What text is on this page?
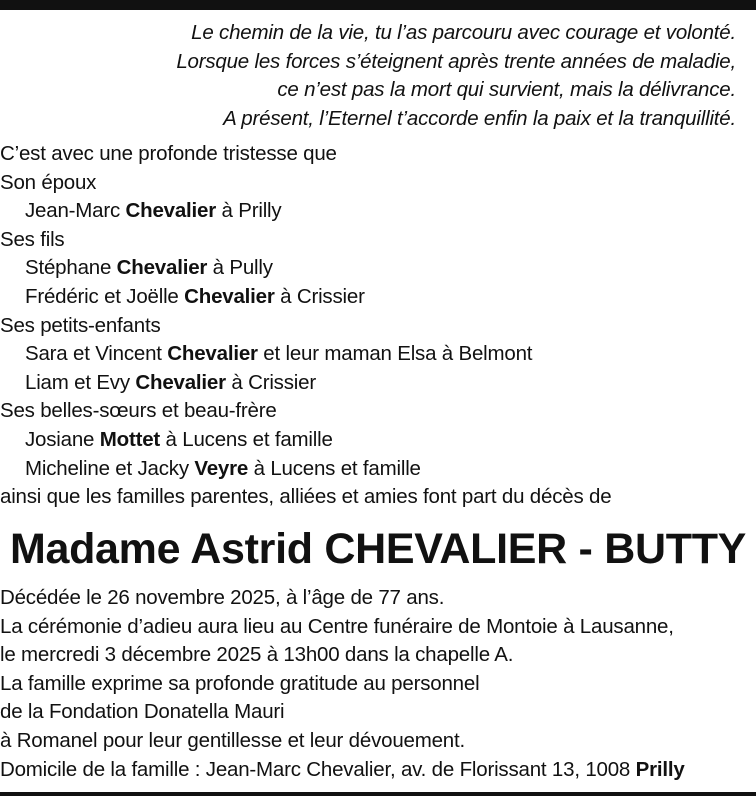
Le chemin de la vie, tu l’as parcouru avec courage et volonté.
Lorsque les forces s’éteignent après trente années de maladie,
ce n’est pas la mort qui survient, mais la délivrance.
A présent, l’Eternel t’accorde enfin la paix et la tranquillité.
C’est avec une profonde tristesse que
Son époux
Jean-Marc Chevalier à Prilly
Ses fils
Stéphane Chevalier à Pully
Frédéric et Joëlle Chevalier à Crissier
Ses petits-enfants
Sara et Vincent Chevalier et leur maman Elsa à Belmont
Liam et Evy Chevalier à Crissier
Ses belles-sœurs et beau-frère
Josiane Mottet à Lucens et famille
Micheline et Jacky Veyre à Lucens et famille
ainsi que les familles parentes, alliées et amies font part du décès de
Madame Astrid CHEVALIER - BUTTY
Décédée le 26 novembre 2025, à l’âge de 77 ans.
La cérémonie d’adieu aura lieu au Centre funéraire de Montoie à Lausanne,
le mercredi 3 décembre 2025 à 13h00 dans la chapelle A.
La famille exprime sa profonde gratitude au personnel
de la Fondation Donatella Mauri
à Romanel pour leur gentillesse et leur dévouement.
Domicile de la famille : Jean-Marc Chevalier, av. de Florissant 13, 1008 Prilly
